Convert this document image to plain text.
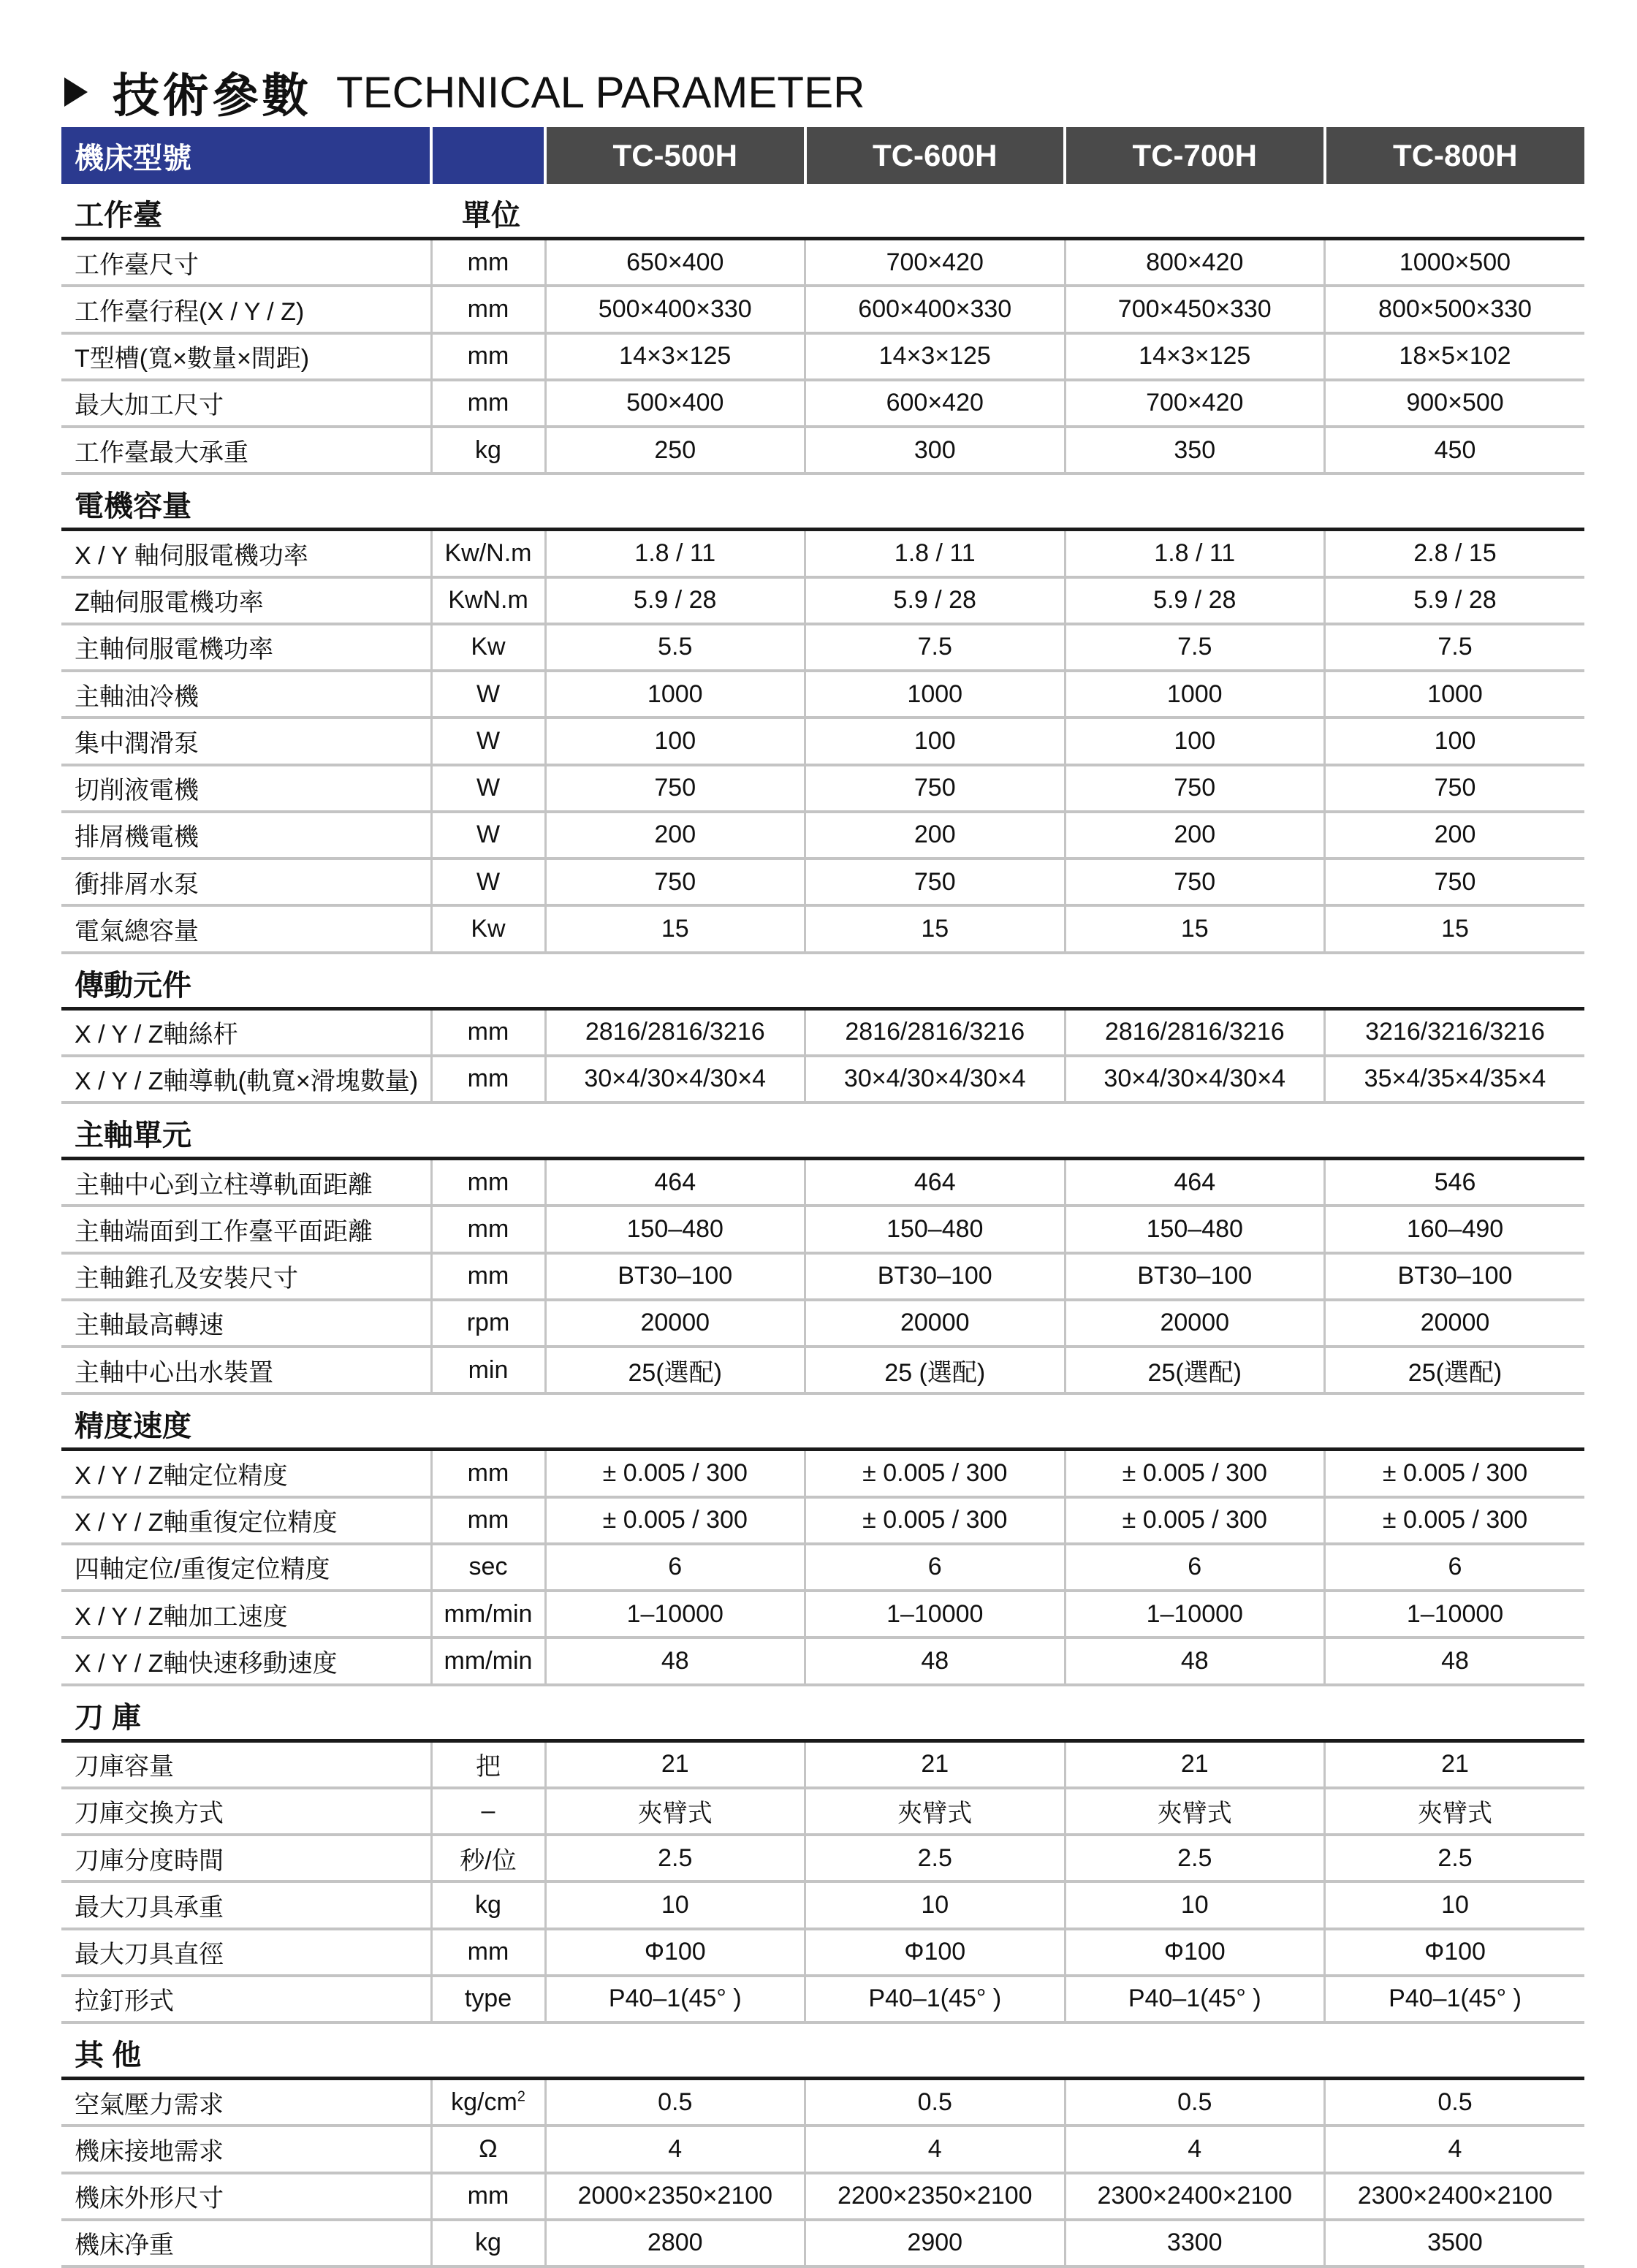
技術參數 TECHNICAL PARAMETER
機床型號		TC-500H	TC-600H	TC-700H	TC-800H
工作臺	單位				
工作臺尺寸	mm	650×400	700×420	800×420	1000×500
工作臺行程(X / Y / Z)	mm	500×400×330	600×400×330	700×450×330	800×500×330
T型槽(寬×數量×間距)	mm	14×3×125	14×3×125	14×3×125	18×5×102
最大加工尺寸	mm	500×400	600×420	700×420	900×500
工作臺最大承重	kg	250	300	350	450
電機容量					
X / Y 軸伺服電機功率	Kw/N.m	1.8 / 11	1.8 / 11	1.8 / 11	2.8 / 15
Z軸伺服電機功率	KwN.m	5.9 / 28	5.9 / 28	5.9 / 28	5.9 / 28
主軸伺服電機功率	Kw	5.5	7.5	7.5	7.5
主軸油冷機	W	1000	1000	1000	1000
集中潤滑泵	W	100	100	100	100
切削液電機	W	750	750	750	750
排屑機電機	W	200	200	200	200
衝排屑水泵	W	750	750	750	750
電氣總容量	Kw	15	15	15	15
傳動元件					
X / Y / Z軸絲杆	mm	2816/2816/3216	2816/2816/3216	2816/2816/3216	3216/3216/3216
X / Y / Z軸導軌(軌寬×滑塊數量)	mm	30×4/30×4/30×4	30×4/30×4/30×4	30×4/30×4/30×4	35×4/35×4/35×4
主軸單元					
主軸中心到立柱導軌面距離	mm	464	464	464	546
主軸端面到工作臺平面距離	mm	150–480	150–480	150–480	160–490
主軸錐孔及安裝尺寸	mm	BT30–100	BT30–100	BT30–100	BT30–100
主軸最高轉速	rpm	20000	20000	20000	20000
主軸中心出水裝置	min	25(選配)	25 (選配)	25(選配)	25(選配)
精度速度					
X / Y / Z軸定位精度	mm	± 0.005 / 300	± 0.005 / 300	± 0.005 / 300	± 0.005 / 300
X / Y / Z軸重復定位精度	mm	± 0.005 / 300	± 0.005 / 300	± 0.005 / 300	± 0.005 / 300
四軸定位/重復定位精度	sec	6	6	6	6
X / Y / Z軸加工速度	mm/min	1–10000	1–10000	1–10000	1–10000
X / Y / Z軸快速移動速度	mm/min	48	48	48	48
刀 庫					
刀庫容量	把	21	21	21	21
刀庫交換方式	–	夾臂式	夾臂式	夾臂式	夾臂式
刀庫分度時間	秒/位	2.5	2.5	2.5	2.5
最大刀具承重	kg	10	10	10	10
最大刀具直徑	mm	Φ100	Φ100	Φ100	Φ100
拉釘形式	type	P40–1(45° )	P40–1(45° )	P40–1(45° )	P40–1(45° )
其 他					
空氣壓力需求	$kg/cm^2$	0.5	0.5	0.5	0.5
機床接地需求	Ω	4	4	4	4
機床外形尺寸	mm	2000×2350×2100	2200×2350×2100	2300×2400×2100	2300×2400×2100
機床净重	kg	2800	2900	3300	3500
